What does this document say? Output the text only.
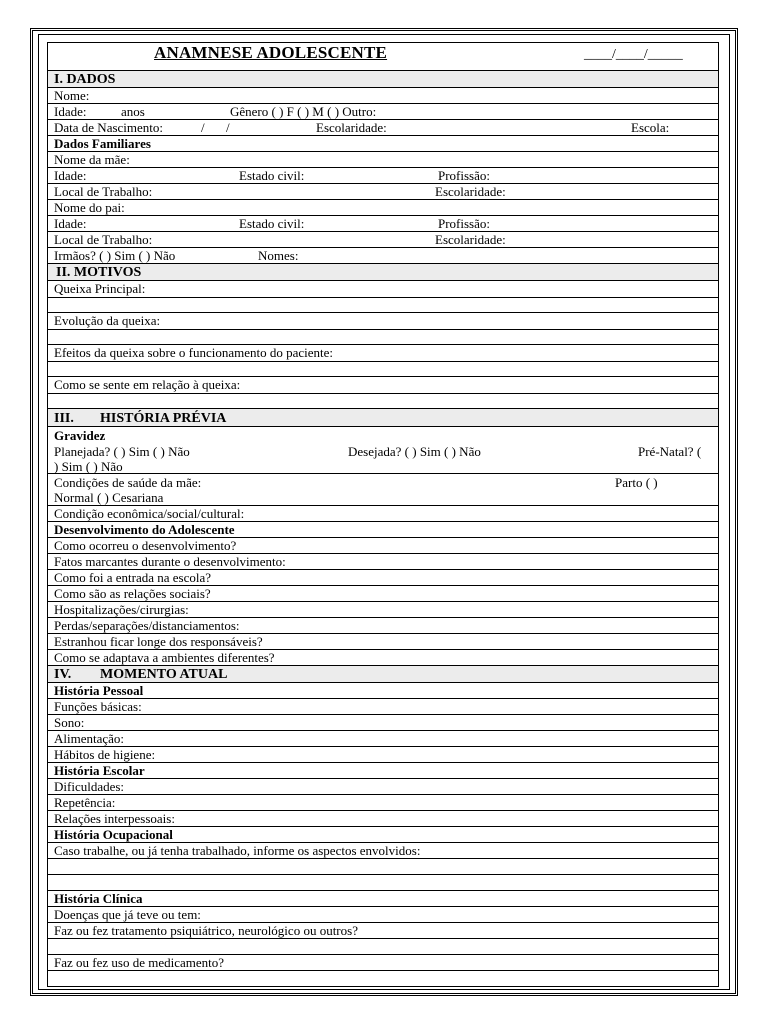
ANAMNESE ADOLESCENTE	____/____/_____
I. DADOS
Nome:
Idade:	anos	Gênero ( ) F ( ) M ( ) Outro:
Data de Nascimento:	/ /	Escolaridade:	Escola:
Dados Familiares
Nome da mãe:
Idade:	Estado civil:	Profissão:
Local de Trabalho:	Escolaridade:
Nome do pai:
Idade:	Estado civil:	Profissão:
Local de Trabalho:	Escolaridade:
Irmãos? ( ) Sim ( ) Não	Nomes:
II. MOTIVOS
Queixa Principal:
Evolução da queixa:
Efeitos da queixa sobre o funcionamento do paciente:
Como se sente em relação à queixa:
III. HISTÓRIA PRÉVIA
Gravidez
Planejada? ( ) Sim ( ) Não	Desejada? ( ) Sim ( ) Não	Pré-Natal? (
) Sim ( ) Não
Condições de saúde da mãe:	Parto ( )
Normal ( ) Cesariana
Condição econômica/social/cultural:
Desenvolvimento do Adolescente
Como ocorreu o desenvolvimento?
Fatos marcantes durante o desenvolvimento:
Como foi a entrada na escola?
Como são as relações sociais?
Hospitalizações/cirurgias:
Perdas/separações/distanciamentos:
Estranhou ficar longe dos responsáveis?
Como se adaptava a ambientes diferentes?
IV. MOMENTO ATUAL
História Pessoal
Funções básicas:
Sono:
Alimentação:
Hábitos de higiene:
História Escolar
Dificuldades:
Repetência:
Relações interpessoais:
História Ocupacional
Caso trabalhe, ou já tenha trabalhado, informe os aspectos envolvidos:
História Clínica
Doenças que já teve ou tem:
Faz ou fez tratamento psiquiátrico, neurológico ou outros?
Faz ou fez uso de medicamento?
